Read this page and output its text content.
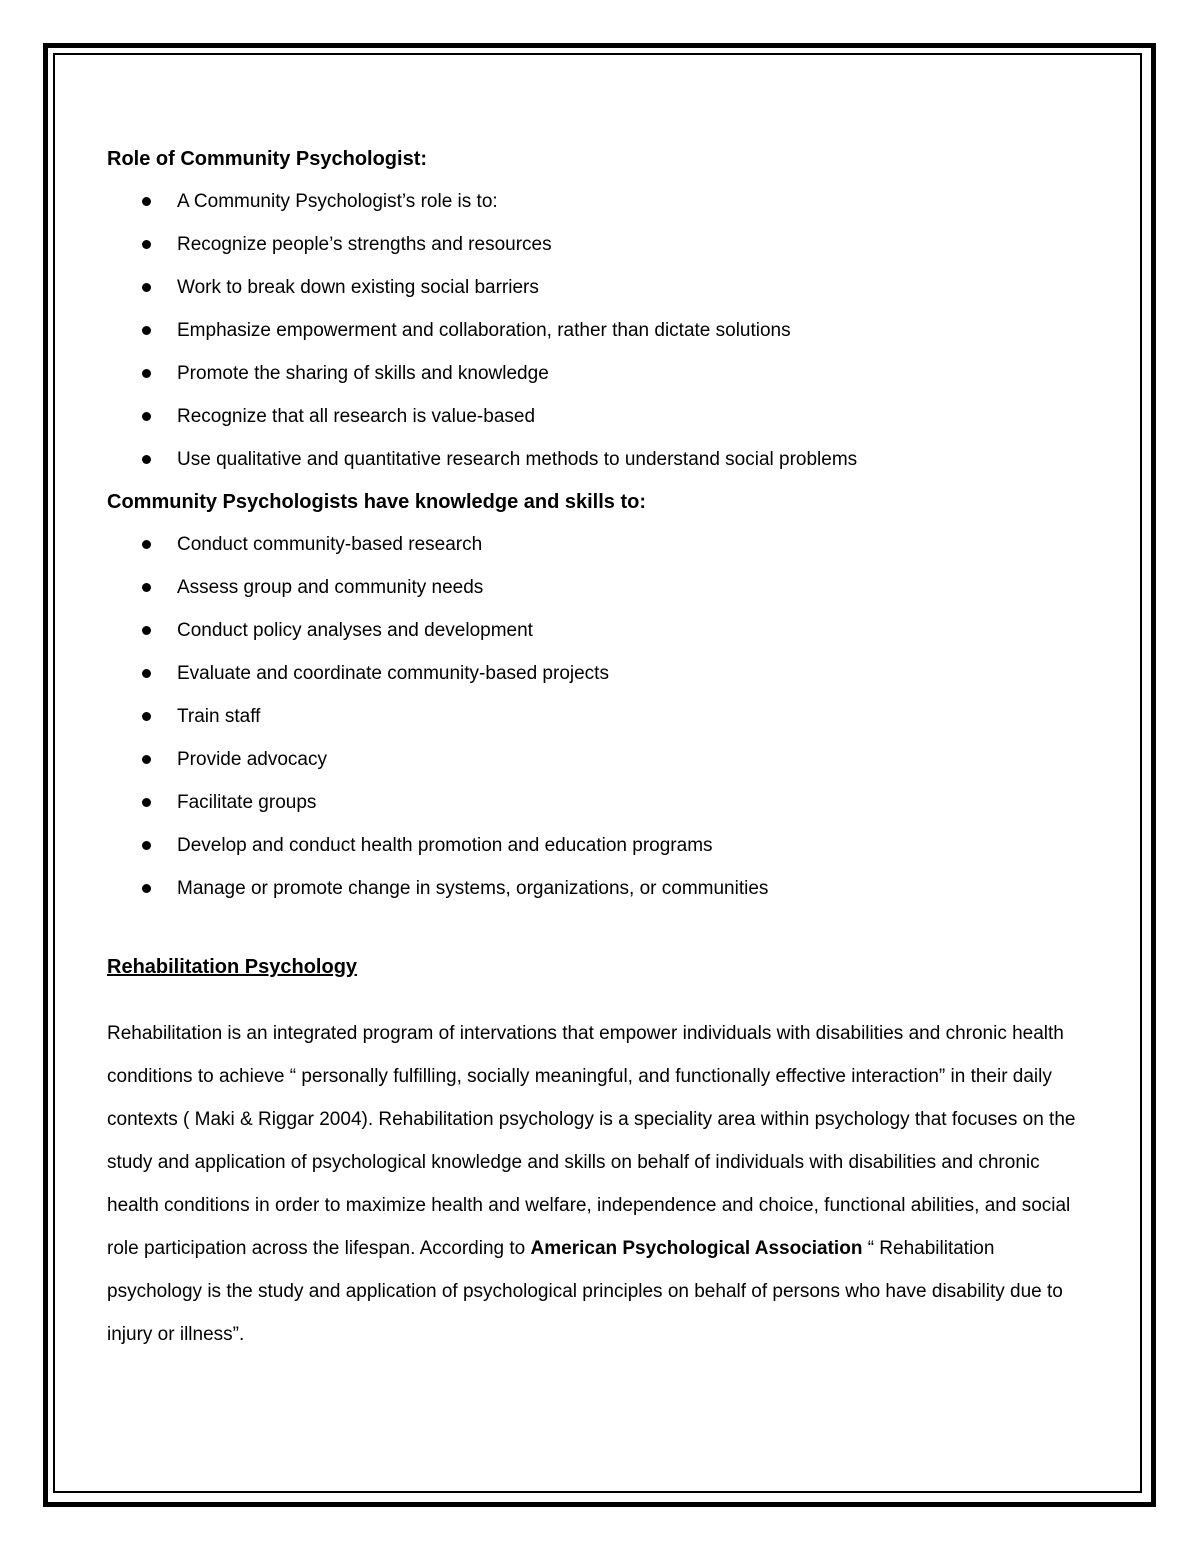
Role of Community Psychologist:
A Community Psychologist’s role is to:
Recognize people’s strengths and resources
Work to break down existing social barriers
Emphasize empowerment and collaboration, rather than dictate solutions
Promote the sharing of skills and knowledge
Recognize that all research is value-based
Use qualitative and quantitative research methods to understand social problems
Community Psychologists have knowledge and skills to:
Conduct community-based research
Assess group and community needs
Conduct policy analyses and development
Evaluate and coordinate community-based projects
Train staff
Provide advocacy
Facilitate groups
Develop and conduct health promotion and education programs
Manage or promote change in systems, organizations, or communities
Rehabilitation Psychology

Rehabilitation is an integrated program of intervations that empower individuals with disabilities and chronic health conditions to achieve “ personally fulfilling, socially meaningful, and functionally effective interaction” in their daily contexts ( Maki & Riggar 2004). Rehabilitation psychology is a speciality area within psychology that focuses on the study and application of psychological knowledge and skills on behalf of individuals with disabilities and chronic health conditions in order to maximize health and welfare, independence and choice, functional abilities, and social role participation across the lifespan. According to American Psychological Association “ Rehabilitation psychology is the study and application of psychological principles on behalf of persons who have disability due to injury or illness”.
